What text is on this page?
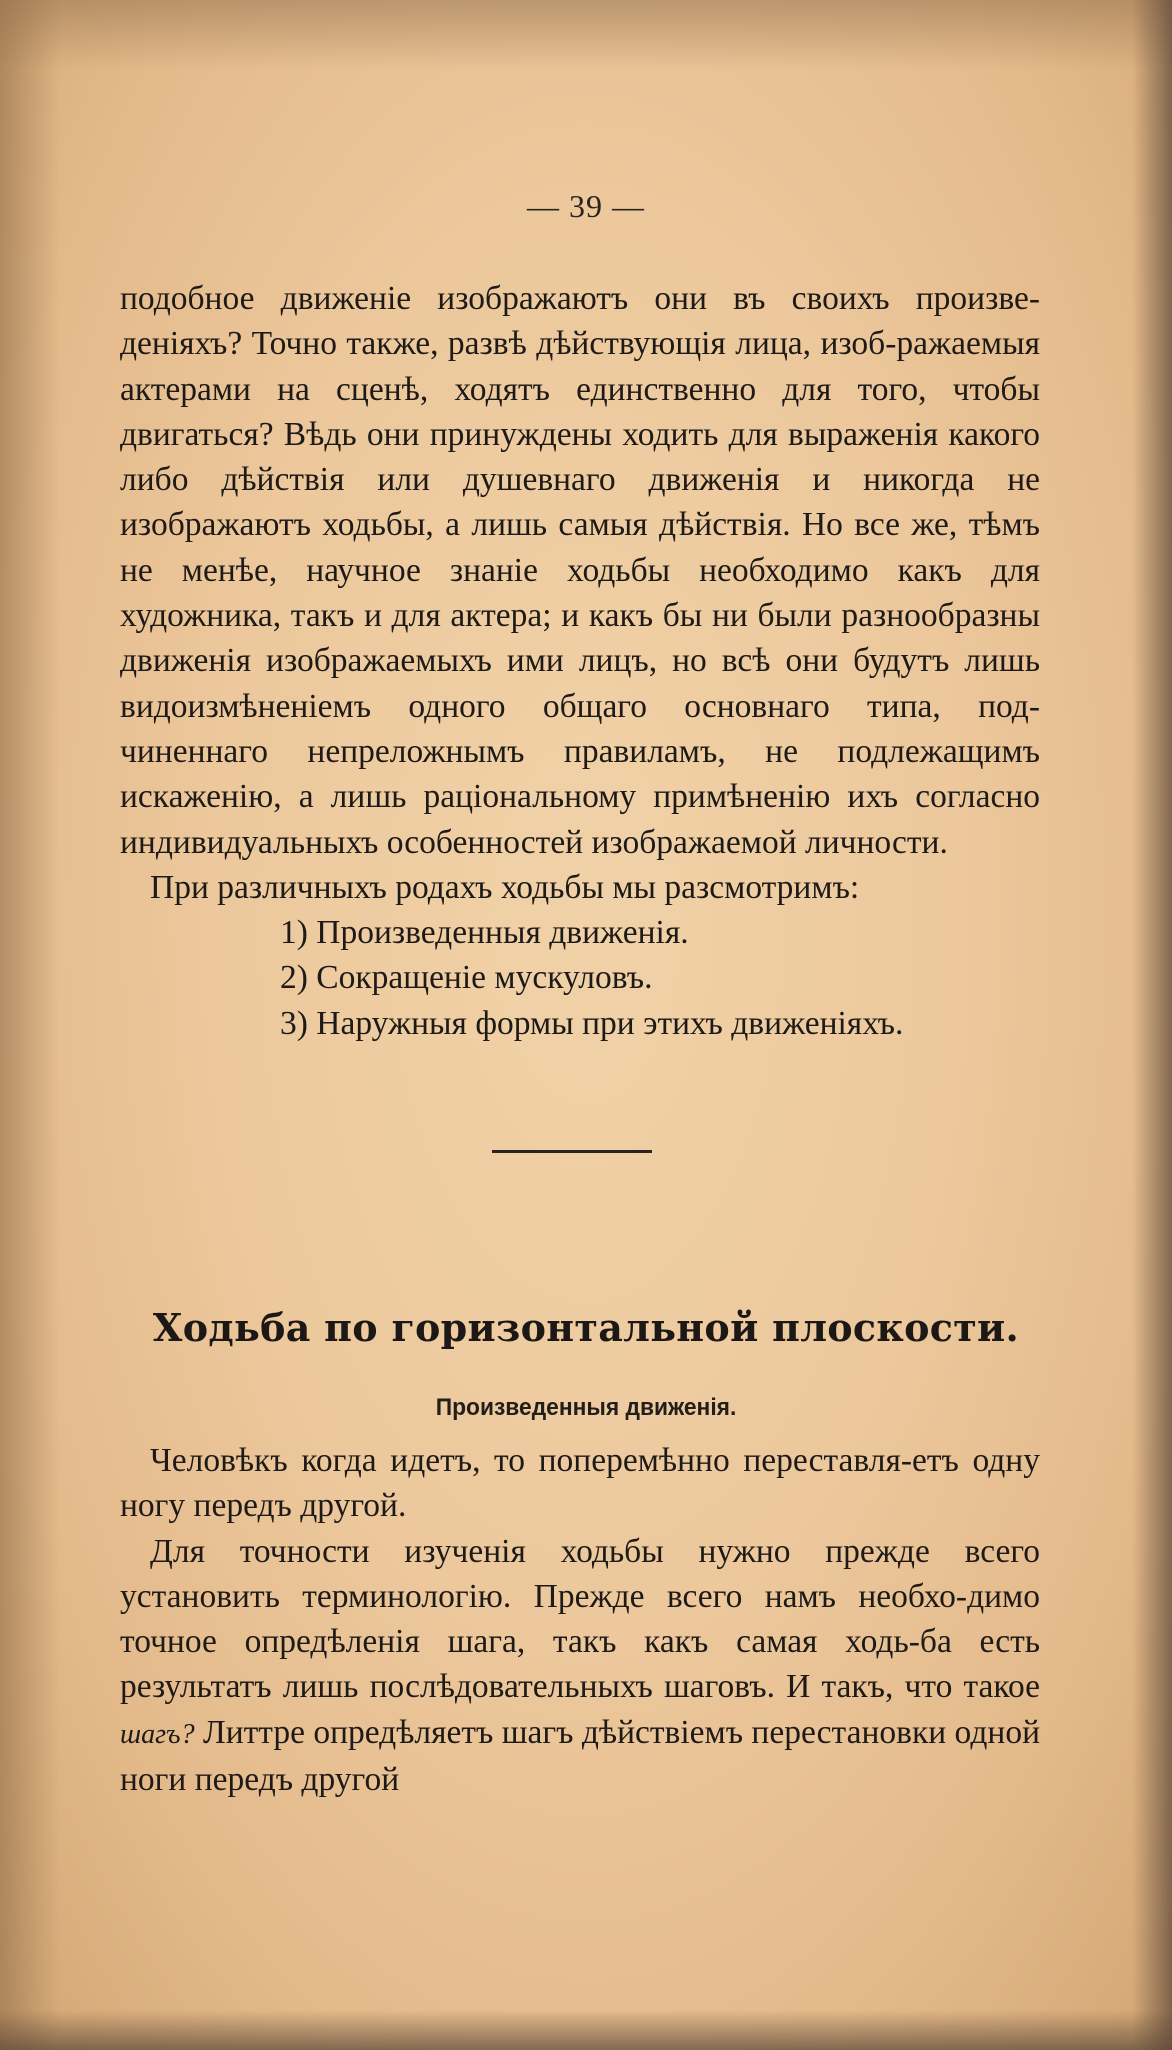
— 39 —

подобное движенiе изображаютъ они въ своихъ произве-деніяхъ? Точно также, развѣ дѣйствующія лица, изоб-ражаемыя актерами на сценѣ, ходятъ единственно для того, чтобы двигаться? Вѣдь они принуждены ходить для выраженія какого либо дѣйствія или душевнаго движенія и никогда не изображаютъ ходьбы, а лишь самыя дѣйствія. Но все же, тѣмъ не менѣе, научное знаніе ходьбы необходимо какъ для художника, такъ и для актера; и какъ бы ни были разнообразны движенія изображаемыхъ ими лицъ, но всѣ они будутъ лишь видоизмѣненіемъ одного общаго основнаго типа, под-чиненнаго непреложнымъ правиламъ, не подлежащимъ искаженію, а лишь раціональному примѣненію ихъ согласно индивидуальныхъ особенностей изображаемой личности.

При различныхъ родахъ ходьбы мы разсмотримъ:

1) Произведенныя движенія.
2) Сокращеніе мускуловъ.
3) Наружныя формы при этихъ движеніяхъ.
Ходьба по горизонтальной плоскости.
Произведенныя движенія.

Человѣкъ когда идетъ, то поперемѣнно переставля-етъ одну ногу передъ другой.

Для точности изученія ходьбы нужно прежде всего установить терминологію. Прежде всего намъ необхо-димо точное опредѣленія шага, такъ какъ самая ходь-ба есть результатъ лишь послѣдовательныхъ шаговъ. И такъ, что такое шагъ? Литтре опредѣляетъ шагъ дѣйствіемъ перестановки одной ноги передъ другой
